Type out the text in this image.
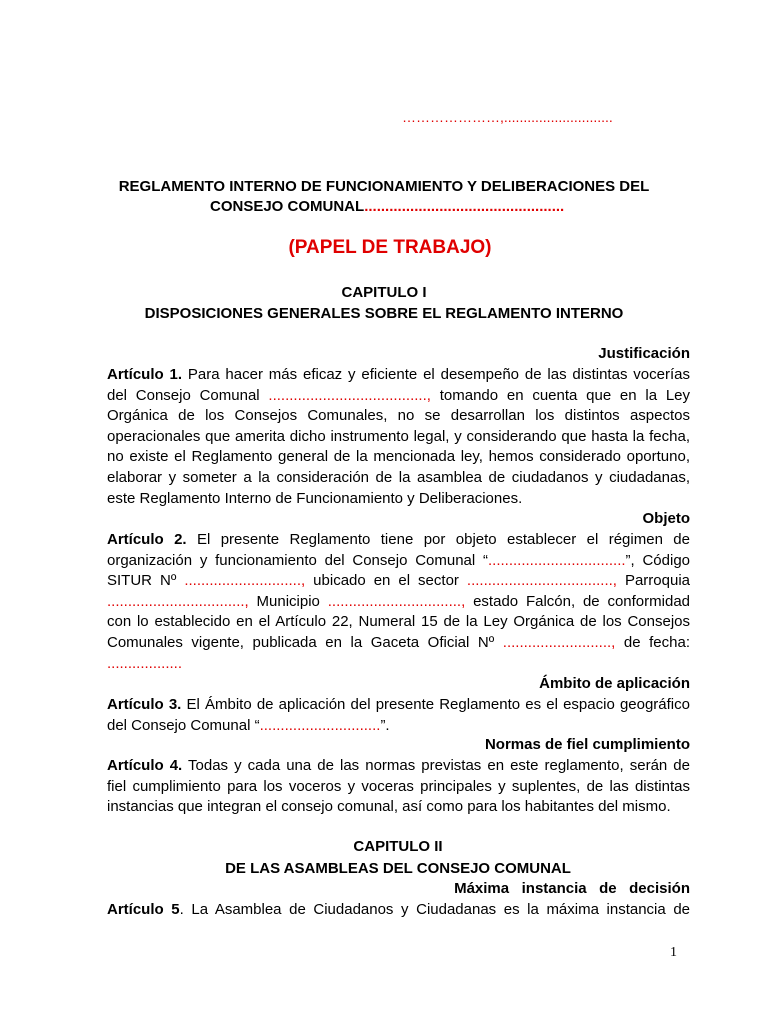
…………………,............................
REGLAMENTO INTERNO DE FUNCIONAMIENTO Y DELIBERACIONES DEL
CONSEJO COMUNAL................................................
(PAPEL DE TRABAJO)
CAPITULO I
DISPOSICIONES GENERALES SOBRE EL REGLAMENTO INTERNO
Justificación
Artículo 1. Para hacer más eficaz y eficiente el desempeño de las distintas vocerías
del Consejo Comunal ......................................, tomando en cuenta que en la Ley
Orgánica de los Consejos Comunales, no se desarrollan los distintos aspectos
operacionales que amerita dicho instrumento legal, y considerando que hasta la fecha,
no existe el Reglamento general de la mencionada ley, hemos considerado oportuno,
elaborar y someter a la consideración de la asamblea de ciudadanos y ciudadanas,
este Reglamento Interno de Funcionamiento y Deliberaciones.
Objeto
Artículo 2. El presente Reglamento tiene por objeto establecer el régimen de
organización y funcionamiento del Consejo Comunal “.................................”, Código
SITUR Nº ............................, ubicado en el sector ..................................., Parroquia
................................., Municipio ................................, estado Falcón, de conformidad
con lo establecido en el Artículo 22, Numeral 15 de la Ley Orgánica de los Consejos
Comunales vigente, publicada en la Gaceta Oficial Nº .........................., de fecha:
..................
Ámbito de aplicación
Artículo 3. El Ámbito de aplicación del presente Reglamento es el espacio geográfico
del Consejo Comunal “.............................”.
Normas de fiel cumplimiento
Artículo 4. Todas y cada una de las normas previstas en este reglamento, serán de
fiel cumplimiento para los voceros y voceras principales y suplentes, de las distintas
instancias que integran el consejo comunal, así como para los habitantes del mismo.
CAPITULO II
DE LAS ASAMBLEAS DEL CONSEJO COMUNAL
Máxima   instancia   de   decisión
Artículo 5. La Asamblea de Ciudadanos y Ciudadanas es la máxima instancia de
1
